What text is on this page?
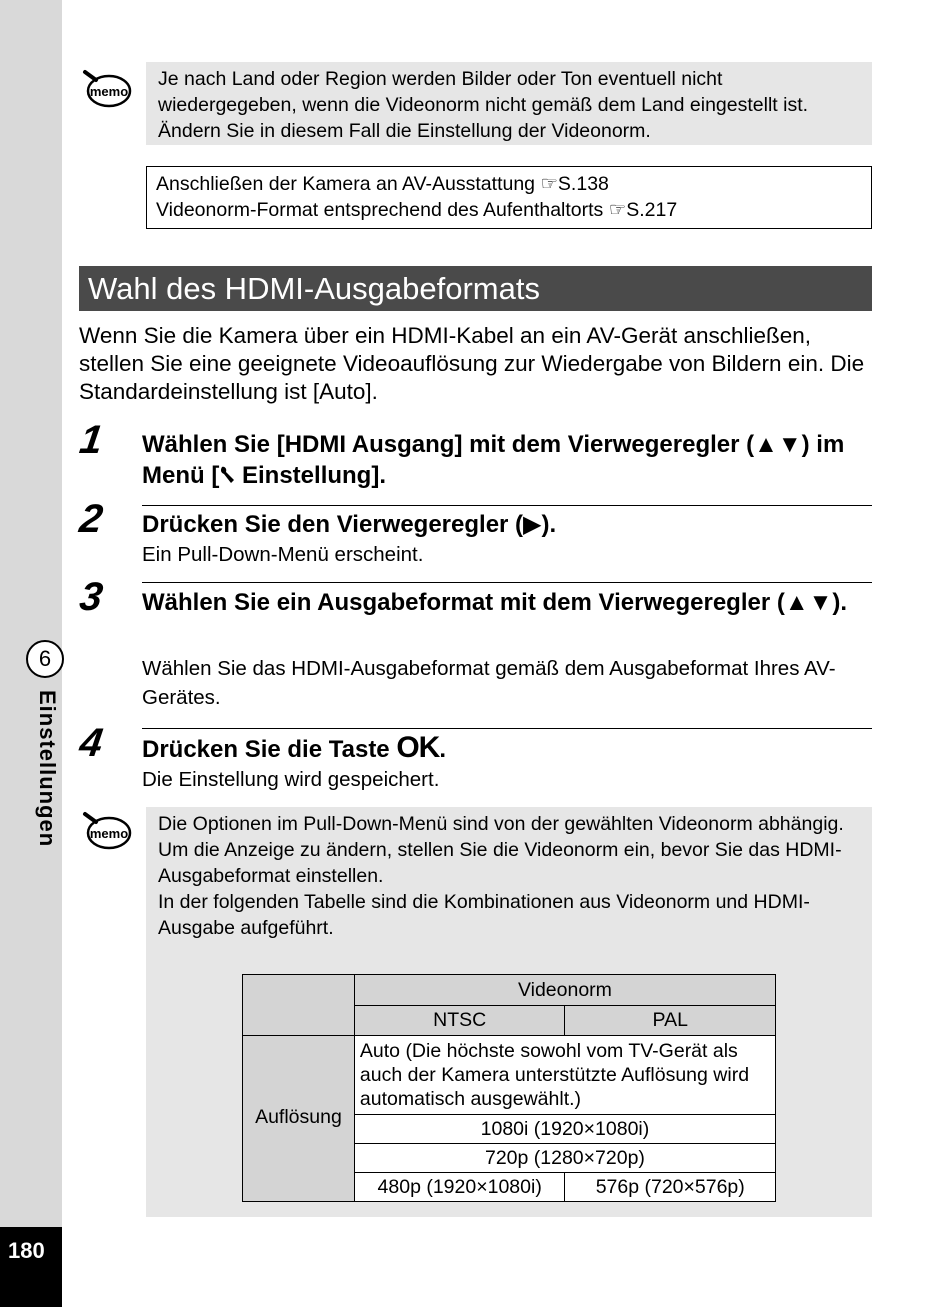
6
Einstellungen
180
memo
Je nach Land oder Region werden Bilder oder Ton eventuell nicht wiedergegeben, wenn die Videonorm nicht gemäß dem Land eingestellt ist. Ändern Sie in diesem Fall die Einstellung der Videonorm.
Anschließen der Kamera an AV-Ausstattung ☞S.138
Videonorm-Format entsprechend des Aufenthaltorts ☞S.217
Wahl des HDMI-Ausgabeformats
Wenn Sie die Kamera über ein HDMI-Kabel an ein AV-Gerät anschließen, stellen Sie eine geeignete Videoauflösung zur Wiedergabe von Bildern ein. Die Standardeinstellung ist [Auto].
1 Wählen Sie [HDMI Ausgang] mit dem Vierwegeregler (▲▼) im Menü [ Einstellung].
2 Drücken Sie den Vierwegeregler (▶).
Ein Pull-Down-Menü erscheint.
3 Wählen Sie ein Ausgabeformat mit dem Vierwegeregler (▲▼).
Wählen Sie das HDMI-Ausgabeformat gemäß dem Ausgabeformat Ihres AV-Gerätes.
4 Drücken Sie die Taste OK.
Die Einstellung wird gespeichert.
memo Die Optionen im Pull-Down-Menü sind von der gewählten Videonorm abhängig.
Um die Anzeige zu ändern, stellen Sie die Videonorm ein, bevor Sie das HDMI-Ausgabeformat einstellen.
In der folgenden Tabelle sind die Kombinationen aus Videonorm und HDMI-Ausgabe aufgeführt.
	Videonorm	
	NTSC	PAL
Auflösung	Auto (Die höchste sowohl vom TV-Gerät als auch der Kamera unterstützte Auflösung wird automatisch ausgewählt.)	
	1080i (1920×1080i)	
	720p (1280×720p)	
	480p (1920×1080i)	576p (720×576p)
